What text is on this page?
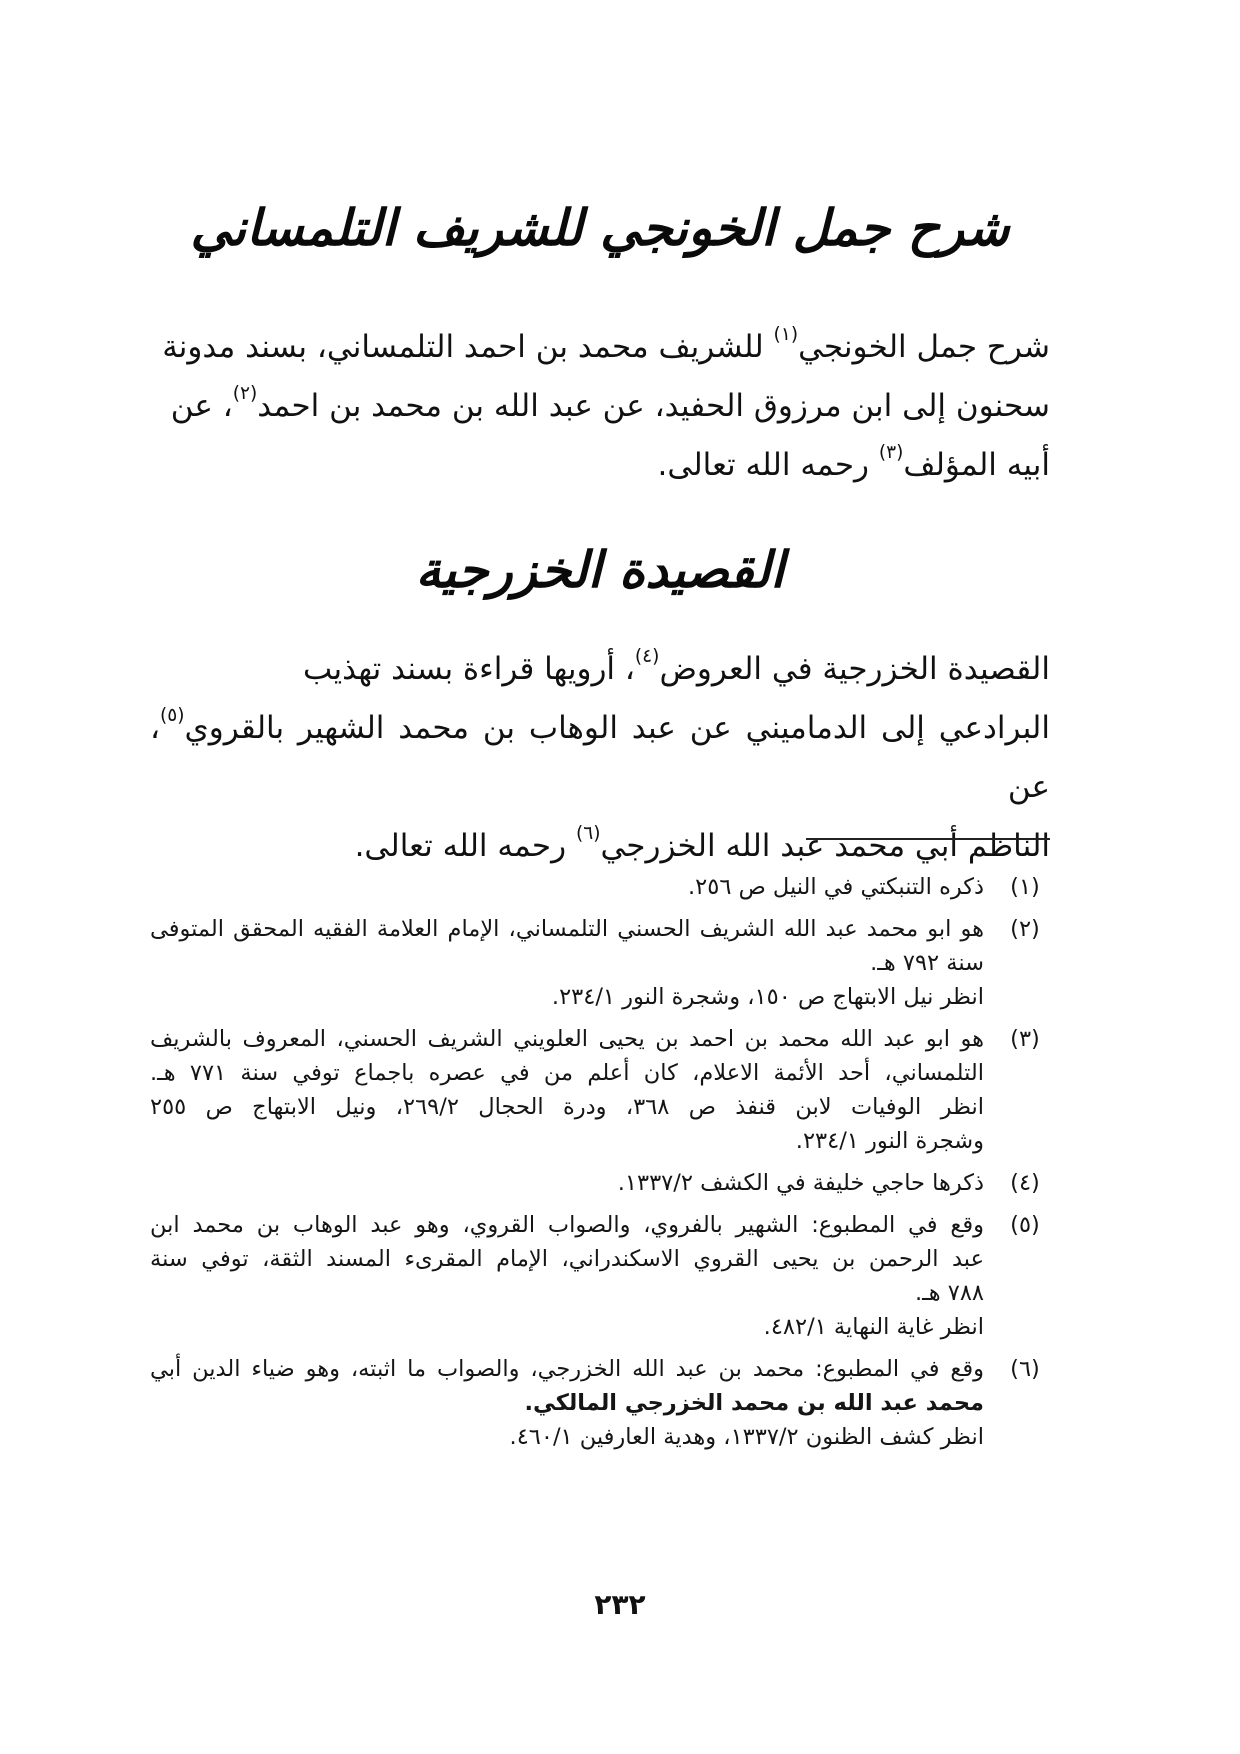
شرح جمل الخونجي للشريف التلمساني
شرح جمل الخونجي$^{(١)}$ للشريف محمد بن احمد التلمساني، بسند مدونة
سحنون إلى ابن مرزوق الحفيد، عن عبد الله بن محمد بن احمد$^{(٢)}$، عن
أبيه المؤلف$^{(٣)}$ رحمه الله تعالى.
القصيدة الخزرجية
القصيدة الخزرجية في العروض$^{(٤)}$، أرويها قراءة بسند تهذيب
البرادعي إلى الدماميني عن عبد الوهاب بن محمد الشهير بالقروي$^{(٥)}$، عن
الناظم أبي محمد عبد الله الخزرجي$^{(٦)}$ رحمه الله تعالى.
(١)
ذكره التنبكتي في النيل ص ٢٥٦.
(٢)
هو ابو محمد عبد الله الشريف الحسني التلمساني، الإمام العلامة الفقيه المحقق المتوفى
سنة ٧٩٢ هـ.
انظر نيل الابتهاج ص ١٥٠، وشجرة النور ٢٣٤/١.
(٣)
هو ابو عبد الله محمد بن احمد بن يحيى العلويني الشريف الحسني، المعروف بالشريف
التلمساني، أحد الأئمة الاعلام، كان أعلم من في عصره باجماع توفي سنة ٧٧١ هـ.
انظر الوفيات لابن قنفذ ص ٣٦٨، ودرة الحجال ٢٦٩/٢، ونيل الابتهاج ص ٢٥٥
وشجرة النور ٢٣٤/١.
(٤)
ذكرها حاجي خليفة في الكشف ١٣٣٧/٢.
(٥)
وقع في المطبوع: الشهير بالفروي، والصواب القروي، وهو عبد الوهاب بن محمد ابن
عبد الرحمن بن يحيى القروي الاسكندراني، الإمام المقرىء المسند الثقة، توفي سنة
٧٨٨ هـ.
انظر غاية النهاية ٤٨٢/١.
(٦)
وقع في المطبوع: محمد بن عبد الله الخزرجي، والصواب ما اثبته، وهو ضياء الدين أبي
محمد عبد الله بن محمد الخزرجي المالكي.
انظر كشف الظنون ١٣٣٧/٢، وهدية العارفين ٤٦٠/١.
٢٣٢
